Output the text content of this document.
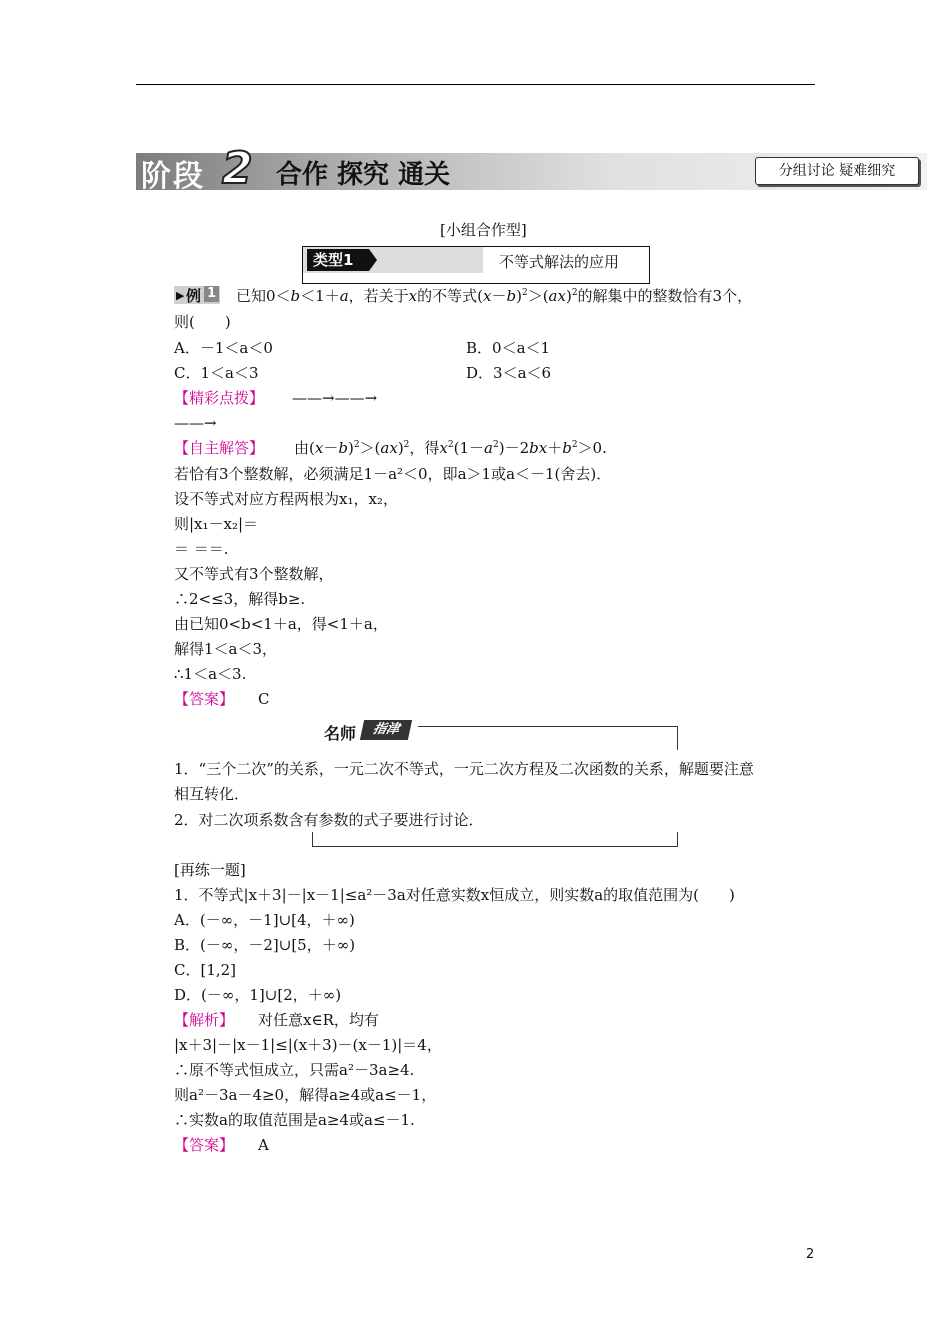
阶段 2 合作 探究 通关	分组讨论 疑难细究
[小组合作型]
类型1	不等式解法的应用
▶ 例 1 已知0＜b＜1＋a，若关于x的不等式$(x-b)^2>(ax)^2$的解集中的整数恰有3个，
则(　　)
A．－1＜a＜0	B．0＜a＜1
C．1＜a＜3	D．3＜a＜6
【精彩点拨】 ——→——→
——→
【自主解答】 由$(x-b)^2>(ax)^2$，得$x^2(1-a^2)-2bx+b^2>0$.
若恰有3个整数解，必须满足1－a²＜0，即a＞1或a＜－1(舍去)．
设不等式对应方程两根为x₁，x₂，
则|x₁－x₂|＝
＝ ＝＝.
又不等式有3个整数解，
∴2<≤3，解得b≥.
由已知0<b<1＋a，得<1＋a，
解得1＜a＜3，
∴1＜a＜3.
【答案】 C
名师	指津
1．“三个二次”的关系，一元二次不等式，一元二次方程及二次函数的关系，解题要注意
相互转化．
2．对二次项系数含有参数的式子要进行讨论．
[再练一题]
1．不等式|x＋3|－|x－1|≤a²－3a对任意实数x恒成立，则实数a的取值范围为(　　)
A．(－∞，－1]∪[4，＋∞)
B．(－∞，－2]∪[5，＋∞)
C．[1,2]
D．(－∞，1]∪[2，＋∞)
【解析】 对任意x∈R，均有
|x＋3|－|x－1|≤|(x＋3)－(x－1)|＝4，
∴原不等式恒成立，只需a²－3a≥4.
则a²－3a－4≥0，解得a≥4或a≤－1，
∴实数a的取值范围是a≥4或a≤－1.
【答案】 A
2
